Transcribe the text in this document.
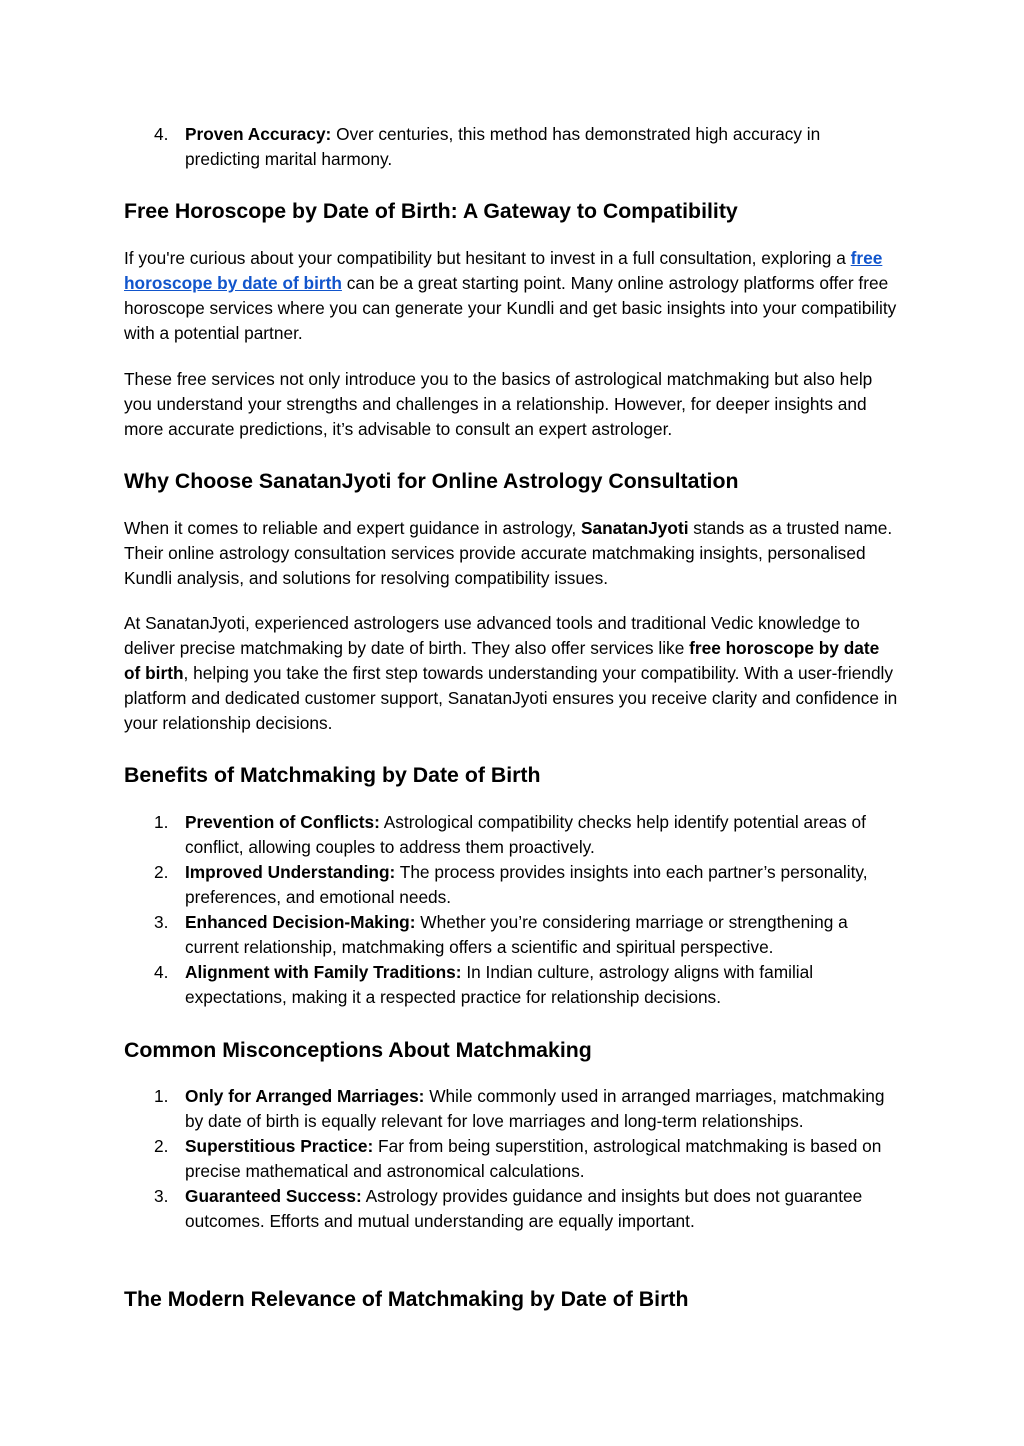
4. Proven Accuracy: Over centuries, this method has demonstrated high accuracy in predicting marital harmony.
Free Horoscope by Date of Birth: A Gateway to Compatibility

If you're curious about your compatibility but hesitant to invest in a full consultation, exploring a free horoscope by date of birth can be a great starting point. Many online astrology platforms offer free horoscope services where you can generate your Kundli and get basic insights into your compatibility with a potential partner.

These free services not only introduce you to the basics of astrological matchmaking but also help you understand your strengths and challenges in a relationship. However, for deeper insights and more accurate predictions, it’s advisable to consult an expert astrologer.

Why Choose SanatanJyoti for Online Astrology Consultation

When it comes to reliable and expert guidance in astrology, SanatanJyoti stands as a trusted name. Their online astrology consultation services provide accurate matchmaking insights, personalised Kundli analysis, and solutions for resolving compatibility issues.

At SanatanJyoti, experienced astrologers use advanced tools and traditional Vedic knowledge to deliver precise matchmaking by date of birth. They also offer services like free horoscope by date of birth, helping you take the first step towards understanding your compatibility. With a user-friendly platform and dedicated customer support, SanatanJyoti ensures you receive clarity and confidence in your relationship decisions.

Benefits of Matchmaking by Date of Birth
1. Prevention of Conflicts: Astrological compatibility checks help identify potential areas of conflict, allowing couples to address them proactively.
2. Improved Understanding: The process provides insights into each partner’s personality, preferences, and emotional needs.
3. Enhanced Decision-Making: Whether you’re considering marriage or strengthening a current relationship, matchmaking offers a scientific and spiritual perspective.
4. Alignment with Family Traditions: In Indian culture, astrology aligns with familial expectations, making it a respected practice for relationship decisions.
Common Misconceptions About Matchmaking
1. Only for Arranged Marriages: While commonly used in arranged marriages, matchmaking by date of birth is equally relevant for love marriages and long-term relationships.
2. Superstitious Practice: Far from being superstition, astrological matchmaking is based on precise mathematical and astronomical calculations.
3. Guaranteed Success: Astrology provides guidance and insights but does not guarantee outcomes. Efforts and mutual understanding are equally important.
The Modern Relevance of Matchmaking by Date of Birth
